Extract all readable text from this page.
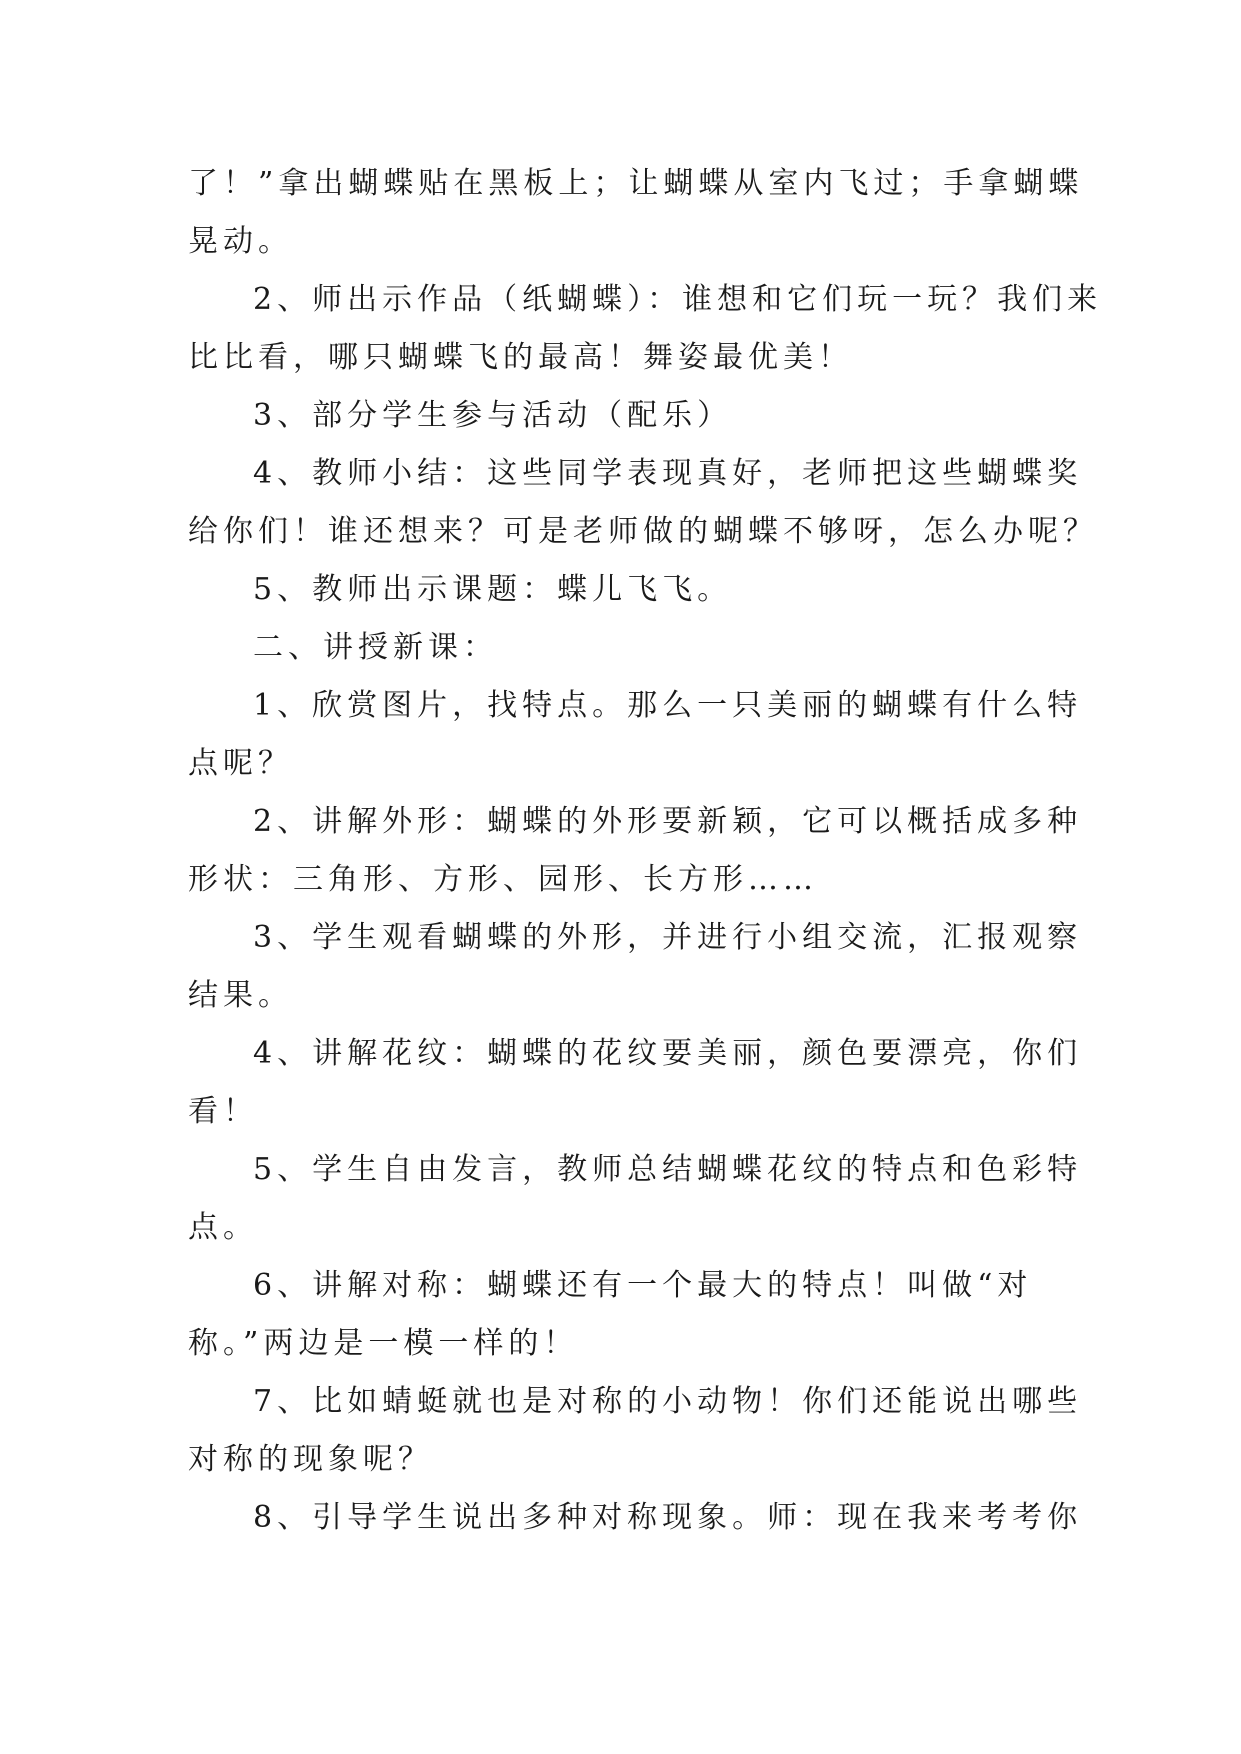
了！”拿出蝴蝶贴在黑板上；让蝴蝶从室内飞过；手拿蝴蝶
晃动。
2、师出示作品（纸蝴蝶）：谁想和它们玩一玩？我们来
比比看，哪只蝴蝶飞的最高！舞姿最优美！
3、部分学生参与活动（配乐）
4、教师小结：这些同学表现真好，老师把这些蝴蝶奖
给你们！谁还想来？可是老师做的蝴蝶不够呀，怎么办呢？
5、教师出示课题：蝶儿飞飞。
二、讲授新课：
1、欣赏图片，找特点。那么一只美丽的蝴蝶有什么特
点呢？
2、讲解外形：蝴蝶的外形要新颖，它可以概括成多种
形状：三角形、方形、园形、长方形……
3、学生观看蝴蝶的外形，并进行小组交流，汇报观察
结果。
4、讲解花纹：蝴蝶的花纹要美丽，颜色要漂亮，你们
看！
5、学生自由发言，教师总结蝴蝶花纹的特点和色彩特
点。
6、讲解对称：蝴蝶还有一个最大的特点！叫做“对
称。”两边是一模一样的！
7、比如蜻蜓就也是对称的小动物！你们还能说出哪些
对称的现象呢？
8、引导学生说出多种对称现象。师：现在我来考考你
